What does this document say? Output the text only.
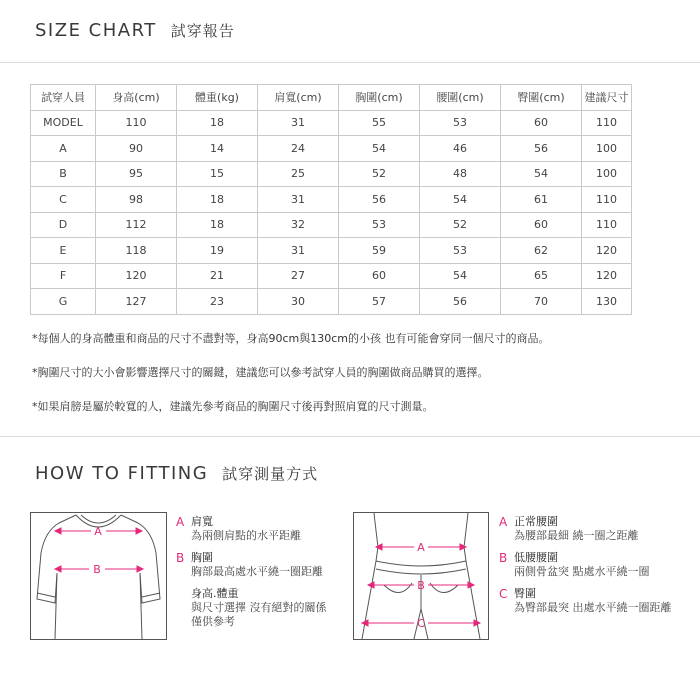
SIZE CHART 試穿報告
試穿人員	身高(cm)	體重(kg)	肩寬(cm)	胸圍(cm)	腰圍(cm)	臀圍(cm)	建議尺寸
MODEL	110	18	31	55	53	60	110
A	90	14	24	54	46	56	100
B	95	15	25	52	48	54	100
C	98	18	31	56	54	61	110
D	112	18	32	53	52	60	110
E	118	19	31	59	53	62	120
F	120	21	27	60	54	65	120
G	127	23	30	57	56	70	130

*每個人的身高體重和商品的尺寸不盡對等，身高90cm與130cm的小孩 也有可能會穿同一個尺寸的商品。

*胸圍尺寸的大小會影響選擇尺寸的關鍵，建議您可以參考試穿人員的胸圍做商品購買的選擇。

*如果肩膀是屬於較寬的人，建議先參考商品的胸圍尺寸後再對照肩寬的尺寸測量。

HOW TO FITTING 試穿測量方式
A
B
A 肩寬
為兩側肩點的水平距離
B 胸圍
胸部最高處水平繞一圈距離
身高.體重
與尺寸選擇 沒有絕對的關係
僅供參考
A
B
C
A 正常腰圍
為腰部最細 繞一圈之距離
B 低腰腰圍
兩側骨盆突 點處水平繞一圈
C 臀圍
為臀部最突 出處水平繞一圈距離
